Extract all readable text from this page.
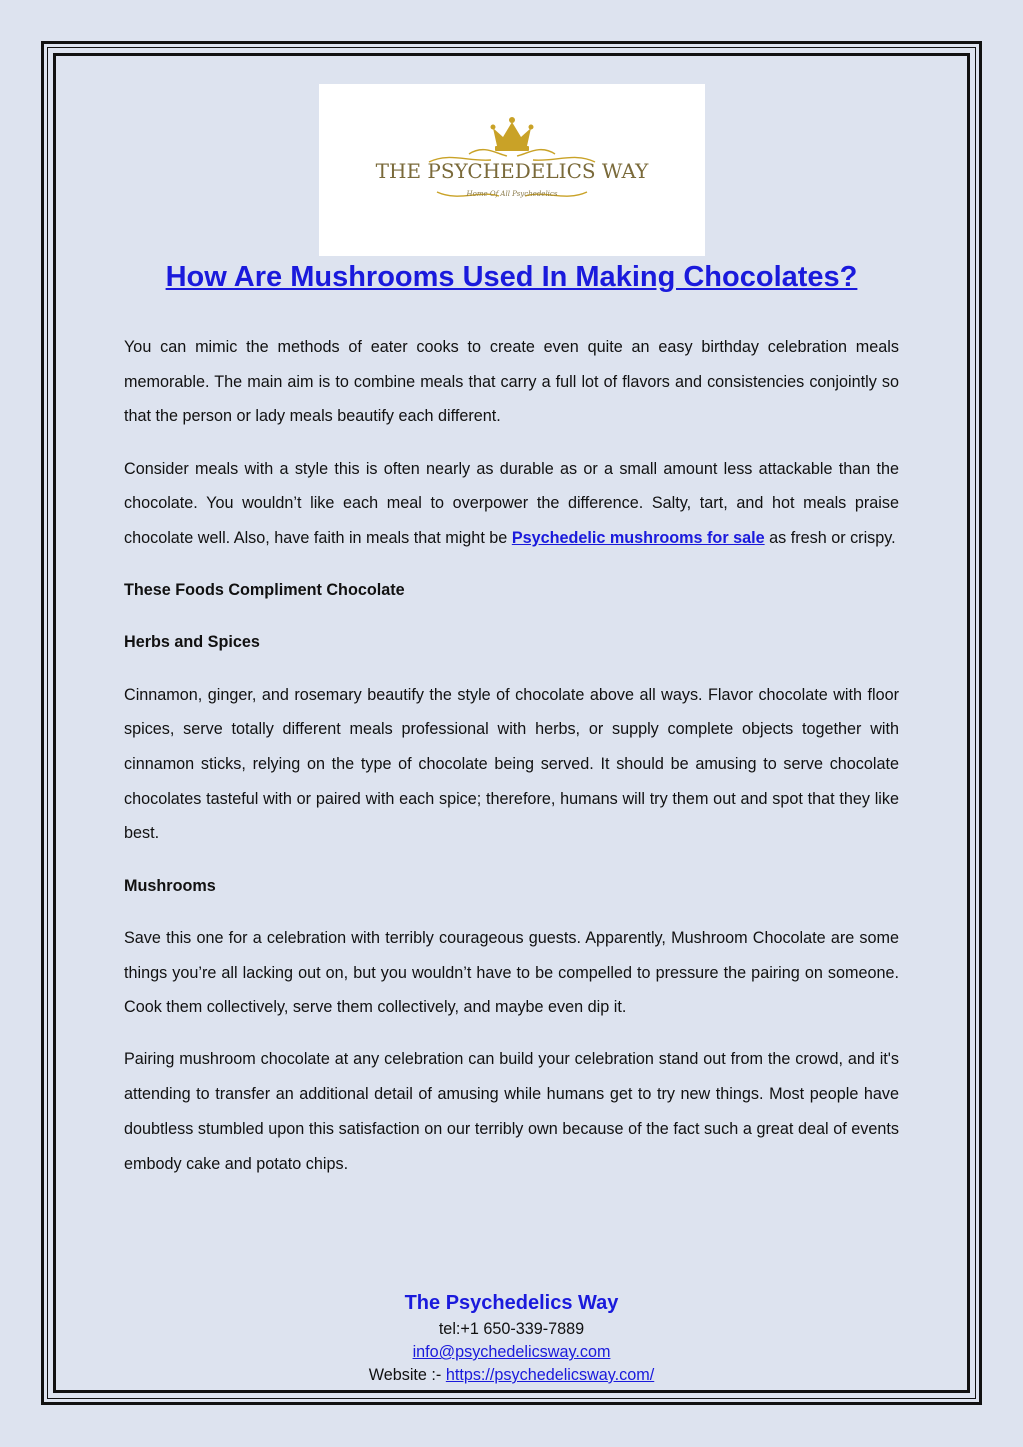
THE PSYCHEDELICS WAY
Home Of All Psychedelics
How Are Mushrooms Used In Making Chocolates?

You can mimic the methods of eater cooks to create even quite an easy birthday celebration meals memorable. The main aim is to combine meals that carry a full lot of flavors and consistencies conjointly so that the person or lady meals beautify each different.

Consider meals with a style this is often nearly as durable as or a small amount less attackable than the chocolate. You wouldn’t like each meal to overpower the difference. Salty, tart, and hot meals praise chocolate well. Also, have faith in meals that might be Psychedelic mushrooms for sale as fresh or crispy.

These Foods Compliment Chocolate

Herbs and Spices

Cinnamon, ginger, and rosemary beautify the style of chocolate above all ways. Flavor chocolate with floor spices, serve totally different meals professional with herbs, or supply complete objects together with cinnamon sticks, relying on the type of chocolate being served. It should be amusing to serve chocolate chocolates tasteful with or paired with each spice; therefore, humans will try them out and spot that they like best.

Mushrooms

Save this one for a celebration with terribly courageous guests. Apparently, Mushroom Chocolate are some things you’re all lacking out on, but you wouldn’t have to be compelled to pressure the pairing on someone. Cook them collectively, serve them collectively, and maybe even dip it.

Pairing mushroom chocolate at any celebration can build your celebration stand out from the crowd, and it's attending to transfer an additional detail of amusing while humans get to try new things. Most people have doubtless stumbled upon this satisfaction on our terribly own because of the fact such a great deal of events embody cake and potato chips.

The Psychedelics Way
tel:+1 650-339-7889
info@psychedelicsway.com
Website :- https://psychedelicsway.com/
